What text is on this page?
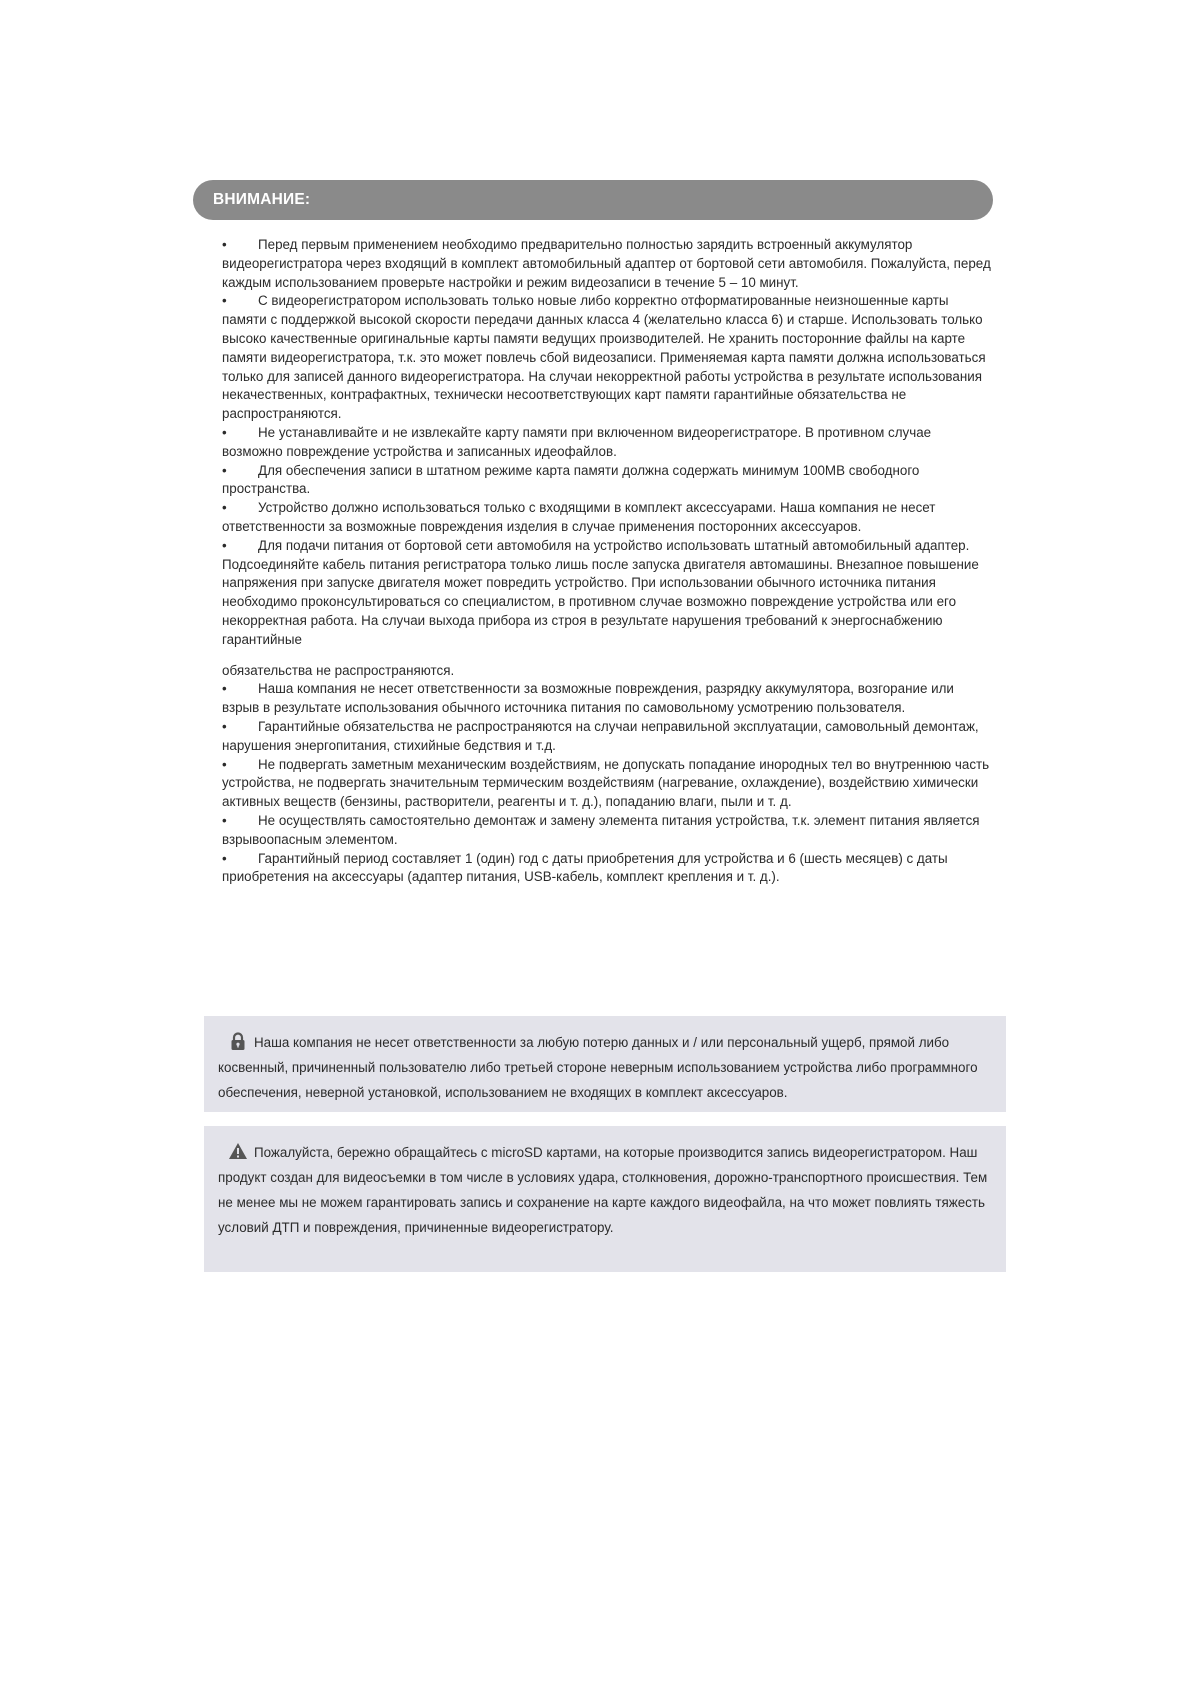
ВНИМАНИЕ:

•	Перед первым применением необходимо предварительно полностью зарядить встроенный аккумулятор видеорегистратора через входящий в комплект автомобильный адаптер от бортовой сети автомобиля. Пожалуйста, перед каждым использованием проверьте настройки и режим видеозаписи в течение 5 – 10 минут.

•	С видеорегистратором использовать только новые либо корректно отформатированные неизношенные карты памяти с поддержкой высокой скорости передачи данных класса 4 (желательно класса 6) и старше. Использовать только высоко качественные оригинальные карты памяти ведущих производителей. Не хранить посторонние файлы на карте памяти видеорегистратора, т.к. это может повлечь сбой видеозаписи. Применяемая карта памяти должна использоваться только для записей данного видеорегистратора. На случаи некорректной работы устройства в результате использования некачественных, контрафактных, технически несоответствующих карт памяти гарантийные обязательства не распространяются.

•	Не устанавливайте и не извлекайте карту памяти при включенном видеорегистраторе. В противном случае возможно повреждение устройства и записанных идеофайлов.

•	Для обеспечения записи в штатном режиме карта памяти должна содержать минимум 100МВ свободного пространства.

•	Устройство должно использоваться только с входящими в комплект аксессуарами. Наша компания не несет ответственности за возможные повреждения изделия в случае применения посторонних аксессуаров.

•	Для подачи питания от бортовой сети автомобиля на устройство использовать штатный автомобильный адаптер. Подсоединяйте кабель питания регистратора только лишь после запуска двигателя автомашины. Внезапное повышение напряжения при запуске двигателя может повредить устройство. При использовании обычного источника питания необходимо проконсультироваться со специалистом, в противном случае возможно повреждение устройства или его некорректная работа. На случаи выхода прибора из строя в результате нарушения требований к энергоснабжению гарантийные

обязательства не распространяются.

•	Наша компания не несет ответственности за возможные повреждения, разрядку аккумулятора, возгорание или взрыв в результате использования обычного источника питания по самовольному усмотрению пользователя.

•	Гарантийные обязательства не распространяются на случаи неправильной эксплуатации, самовольный демонтаж, нарушения энергопитания, стихийные бедствия и т.д.

•	Не подвергать заметным механическим воздействиям, не допускать попадание инородных тел во внутреннюю часть устройства, не подвергать значительным термическим воздействиям (нагревание, охлаждение), воздействию химически активных веществ (бензины, растворители, реагенты и т. д.), попаданию влаги, пыли и т. д.

•	Не осуществлять самостоятельно демонтаж и замену элемента питания устройства, т.к. элемент питания является взрывоопасным элементом.

•	Гарантийный период составляет 1 (один) год с даты приобретения для устройства и 6 (шесть месяцев) с даты приобретения на аксессуары (адаптер питания, USB-кабель, комплект крепления и т. д.).

Наша компания не несет ответственности за любую потерю данных и / или персональный ущерб, прямой либо косвенный, причиненный пользователю либо третьей стороне неверным использованием устройства либо программного обеспечения, неверной установкой, использованием не входящих в комплект аксессуаров.

Пожалуйста, бережно обращайтесь с microSD картами, на которые производится запись видеорегистратором. Наш продукт создан для видеосъемки в том числе в условиях удара, столкновения, дорожно-транспортного происшествия. Тем не менее мы не можем гарантировать запись и сохранение на карте каждого видеофайла, на что может повлиять тяжесть условий ДТП и повреждения, причиненные видеорегистратору.
